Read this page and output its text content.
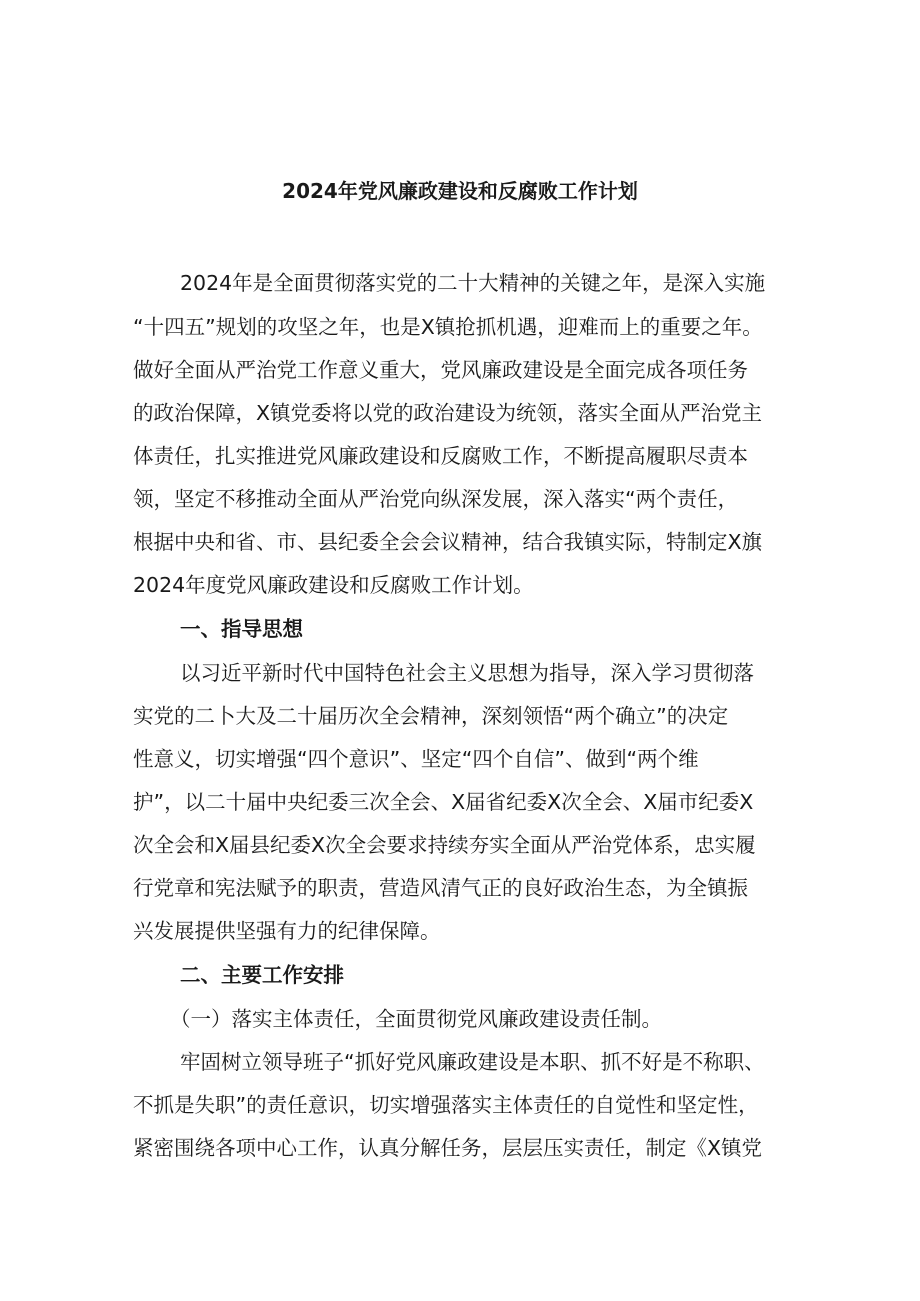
2024年党风廉政建设和反腐败工作计划
2024年是全面贯彻落实党的二十大精神的关键之年，是深入实施
“十四五”规划的攻坚之年，也是X镇抢抓机遇，迎难而上的重要之年。
做好全面从严治党工作意义重大，党风廉政建设是全面完成各项任务
的政治保障，X镇党委将以党的政治建设为统领，落实全面从严治党主
体责任，扎实推进党风廉政建设和反腐败工作，不断提高履职尽责本
领，坚定不移推动全面从严治党向纵深发展，深入落实“两个责任，
根据中央和省、市、县纪委全会会议精神，结合我镇实际，特制定X旗
2024年度党风廉政建设和反腐败工作计划。
一、指导思想
以习近平新时代中国特色社会主义思想为指导，深入学习贯彻落
实党的二卜大及二十届历次全会精神，深刻领悟“两个确立”的决定
性意义，切实增强“四个意识”、坚定“四个自信”、做到“两个维
护”，以二十届中央纪委三次全会、X届省纪委X次全会、X届市纪委X
次全会和X届县纪委X次全会要求持续夯实全面从严治党体系，忠实履
行党章和宪法赋予的职责，营造风清气正的良好政治生态，为全镇振
兴发展提供坚强有力的纪律保障。
二、主要工作安排
（一）落实主体责任，全面贯彻党风廉政建设责任制。
牢固树立领导班子“抓好党风廉政建设是本职、抓不好是不称职、
不抓是失职”的责任意识，切实增强落实主体责任的自觉性和坚定性，
紧密围绕各项中心工作，认真分解任务，层层压实责任，制定《X镇党
